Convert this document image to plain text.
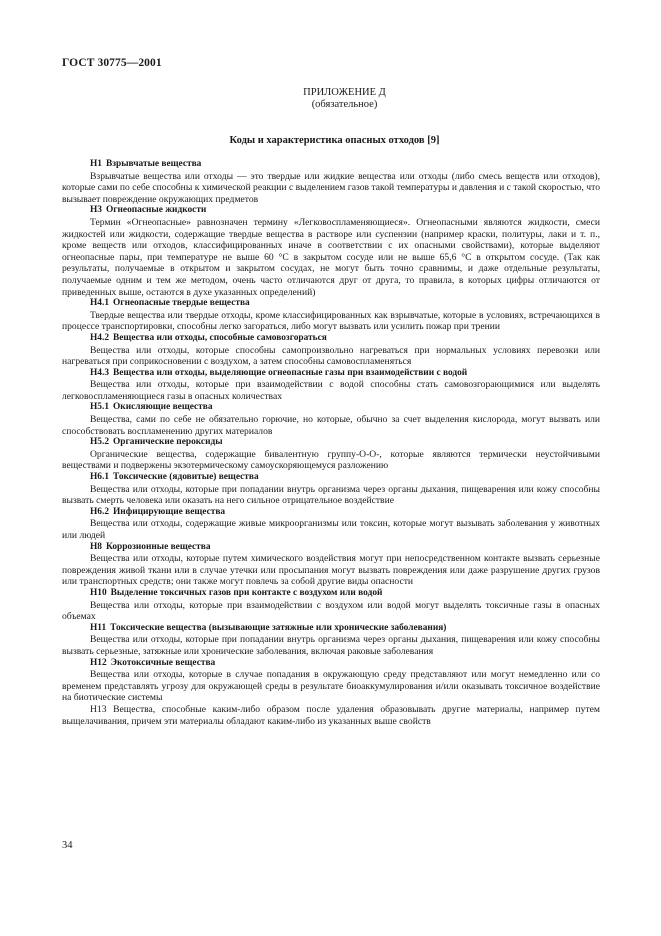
ГОСТ 30775—2001
ПРИЛОЖЕНИЕ Д
(обязательное)
Коды и характеристика опасных отходов [9]
Н1 Взрывчатые вещества

Взрывчатые вещества или отходы — это твердые или жидкие вещества или отходы (либо смесь веществ или отходов), которые сами по себе способны к химической реакции с выделением газов такой температуры и давления и с такой скоростью, что вызывает повреждение окружающих предметов

Н3 Огнеопасные жидкости

Термин «Огнеопасные» равнозначен термину «Легковоспламеняющиеся». Огнеопасными являются жидкости, смеси жидкостей или жидкости, содержащие твердые вещества в растворе или суспензии (например краски, политуры, лаки и т. п., кроме веществ или отходов, классифицированных иначе в соответствии с их опасными свойствами), которые выделяют огнеопасные пары, при температуре не выше 60 °С в закрытом сосуде или не выше 65,6 °С в открытом сосуде. (Так как результаты, получаемые в открытом и закрытом сосудах, не могут быть точно сравнимы, и даже отдельные результаты, получаемые одним и тем же методом, очень часто отличаются друг от друга, то правила, в которых цифры отличаются от приведенных выше, остаются в духе указанных определений)

Н4.1 Огнеопасные твердые вещества

Твердые вещества или твердые отходы, кроме классифицированных как взрывчатые, которые в условиях, встречающихся в процессе транспортировки, способны легко загораться, либо могут вызвать или усилить пожар при трении

Н4.2 Вещества или отходы, способные самовозгораться

Вещества или отходы, которые способны самопроизвольно нагреваться при нормальных условиях перевозки или нагреваться при соприкосновении с воздухом, а затем способны самовоспламеняться

Н4.3 Вещества или отходы, выделяющие огнеопасные газы при взаимодействии с водой

Вещества или отходы, которые при взаимодействии с водой способны стать самовозгорающимися или выделять легковоспламеняющиеся газы в опасных количествах

Н5.1 Окисляющие вещества

Вещества, сами по себе не обязательно горючие, но которые, обычно за счет выделения кислорода, могут вызвать или способствовать воспламенению других материалов

Н5.2 Органические пероксиды

Органические вещества, содержащие бивалентную группу-О-О-, которые являются термически неустойчивыми веществами и подвержены экзотермическому самоускоряющемуся разложению

Н6.1 Токсические (ядовитые) вещества

Вещества или отходы, которые при попадании внутрь организма через органы дыхания, пищеварения или кожу способны вызвать смерть человека или оказать на него сильное отрицательное воздействие

Н6.2 Инфицирующие вещества

Вещества или отходы, содержащие живые микроорганизмы или токсин, которые могут вызывать заболевания у животных или людей

Н8 Коррозионные вещества

Вещества или отходы, которые путем химического воздействия могут при непосредственном контакте вызвать серьезные повреждения живой ткани или в случае утечки или просыпания могут вызвать повреждения или даже разрушение других грузов или транспортных средств; они также могут повлечь за собой другие виды опасности

Н10 Выделение токсичных газов при контакте с воздухом или водой

Вещества или отходы, которые при взаимодействии с воздухом или водой могут выделять токсичные газы в опасных объемах

Н11 Токсические вещества (вызывающие затяжные или хронические заболевания)

Вещества или отходы, которые при попадании внутрь организма через органы дыхания, пищеварения или кожу способны вызвать серьезные, затяжные или хронические заболевания, включая раковые заболевания

Н12 Экотоксичные вещества

Вещества или отходы, которые в случае попадания в окружающую среду представляют или могут немедленно или со временем представлять угрозу для окружающей среды в результате биоаккумулирования и/или оказывать токсичное воздействие на биотические системы

Н13 Вещества, способные каким-либо образом после удаления образовывать другие материалы, например путем выщелачивания, причем эти материалы обладают каким-либо из указанных выше свойств

34
